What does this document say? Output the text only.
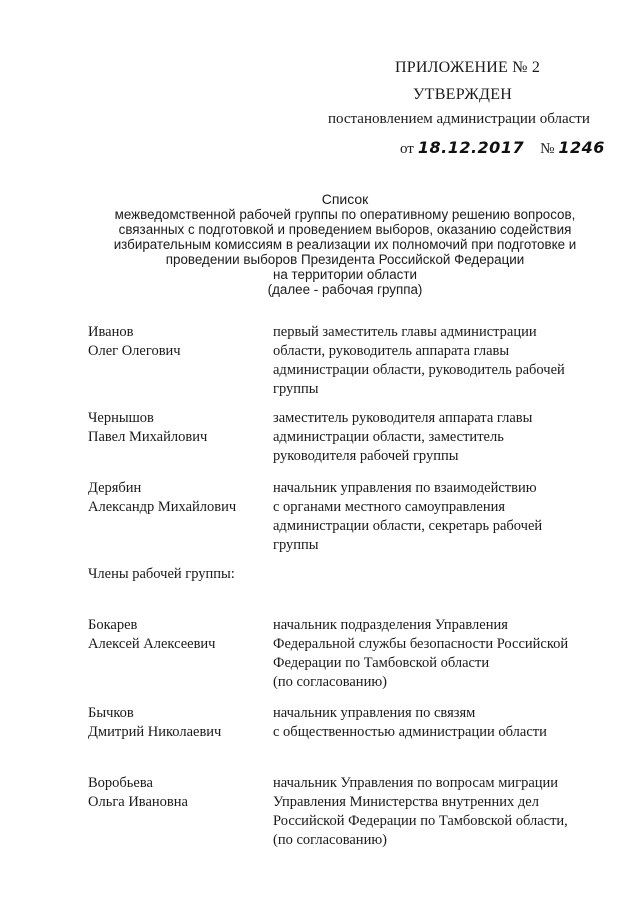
ПРИЛОЖЕНИЕ № 2
УТВЕРЖДЕН
постановлением администрации области
от 18.12.2017 № 1246
Список
межведомственной рабочей группы по оперативному решению вопросов,
связанных с подготовкой и проведением выборов, оказанию содействия
избирательным комиссиям в реализации их полномочий при подготовке и
проведении выборов Президента Российской Федерации
на территории области
(далее - рабочая группа)
Иванов
Олег Олегович
первый заместитель главы администрации
области, руководитель аппарата главы
администрации области, руководитель рабочей
группы
Чернышов
Павел Михайлович
заместитель руководителя аппарата главы
администрации области, заместитель
руководителя рабочей группы
Дерябин
Александр Михайлович
начальник управления по взаимодействию
с органами местного самоуправления
администрации области, секретарь рабочей
группы
Члены рабочей группы:
Бокарев
Алексей Алексеевич
начальник подразделения Управления
Федеральной службы безопасности Российской
Федерации по Тамбовской области
(по согласованию)
Бычков
Дмитрий Николаевич
начальник управления по связям
с общественностью администрации области
Воробьева
Ольга Ивановна
начальник Управления по вопросам миграции
Управления Министерства внутренних дел
Российской Федерации по Тамбовской области,
(по согласованию)
